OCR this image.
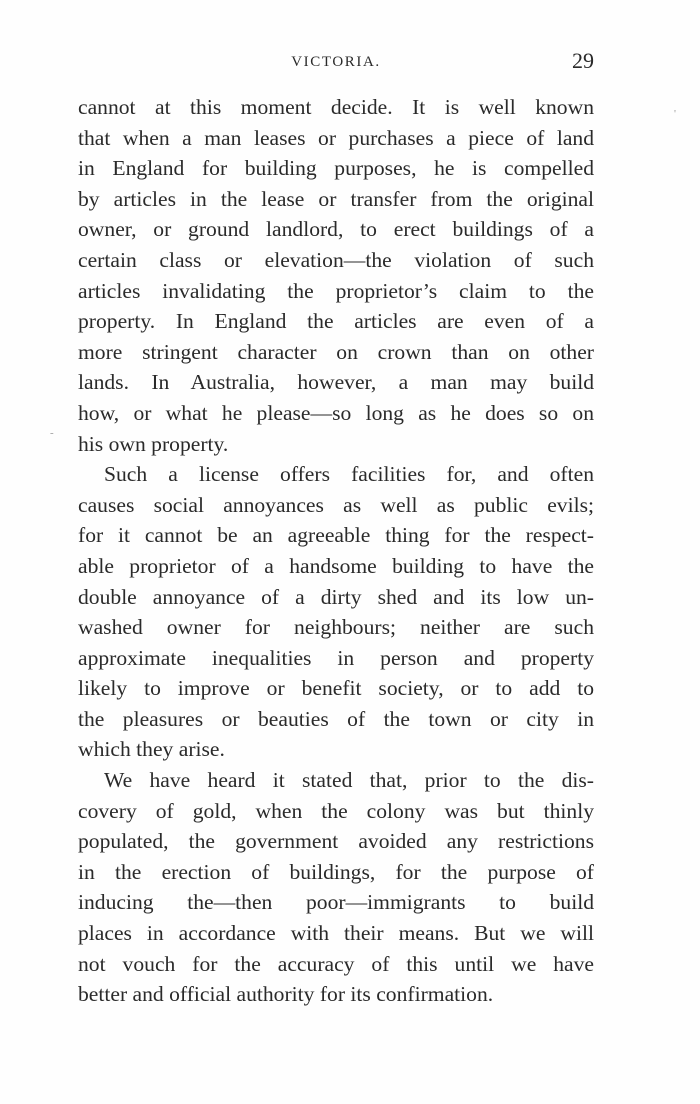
VICTORIA.	29
cannot at this moment decide. It is well known
that when a man leases or purchases a piece of land
in England for building purposes, he is compelled
by articles in the lease or transfer from the original
owner, or ground landlord, to erect buildings of a
certain class or elevation—the violation of such
articles invalidating the proprietor’s claim to the
property. In England the articles are even of a
more stringent character on crown than on other
lands. In Australia, however, a man may build
how, or what he please—so long as he does so on
his own property.
Such a license offers facilities for, and often
causes social annoyances as well as public evils;
for it cannot be an agreeable thing for the respect-
able proprietor of a handsome building to have the
double annoyance of a dirty shed and its low un-
washed owner for neighbours; neither are such
approximate inequalities in person and property
likely to improve or benefit society, or to add to
the pleasures or beauties of the town or city in
which they arise.
We have heard it stated that, prior to the dis-
covery of gold, when the colony was but thinly
populated, the government avoided any restrictions
in the erection of buildings, for the purpose of
inducing the—then poor—immigrants to build
places in accordance with their means. But we will
not vouch for the accuracy of this until we have
better and official authority for its confirmation.
-
'
